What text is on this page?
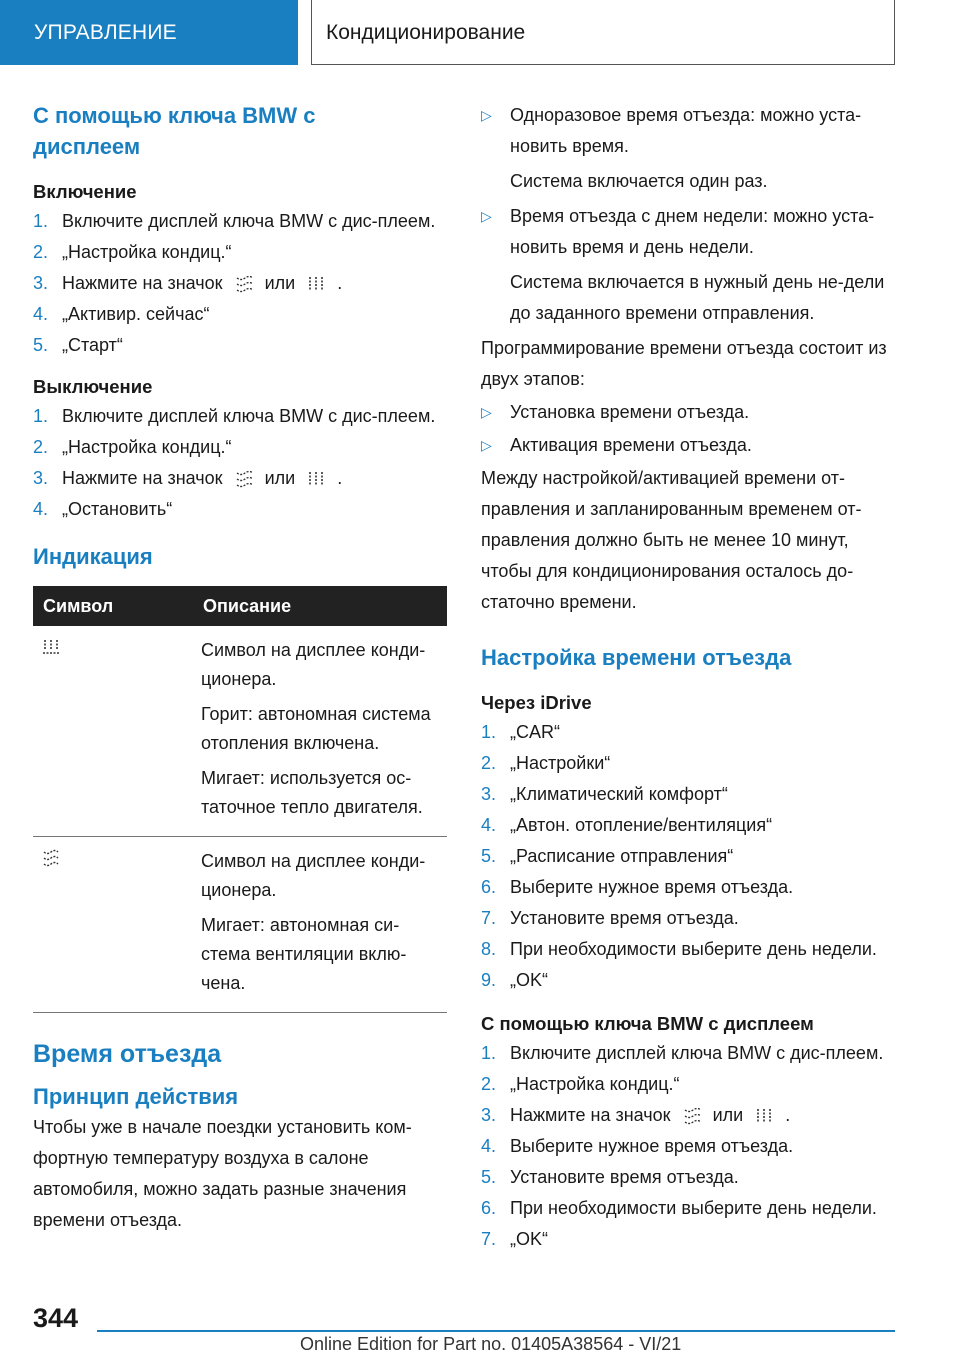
УПРАВЛЕНИЕ	Кондиционирование
С помощью ключа BMW с дисплеем
Включение
1. Включите дисплей ключа BMW с дис-плеем.
2. „Настройка кондиц.“
3. Нажмите на значок или .
4. „Активир. сейчас“
5. „Старт“
Выключение
1. Включите дисплей ключа BMW с дис-плеем.
2. „Настройка кондиц.“
3. Нажмите на значок или .
4. „Остановить“
Индикация
Символ	Описание

Символ на дисплее конди-ционера.
Горит: автономная система отопления включена.
Мигает: используется ос-таточное тепло двигателя.

Символ на дисплее конди-ционера.
Мигает: автономная си-стема вентиляции вклю-чена.
Время отъезда
Принцип действия
Чтобы уже в начале поездки установить ком-фортную температуру воздуха в салоне автомобиля, можно задать разные значения времени отъезда.
▷ Одноразовое время отъезда: можно уста-новить время.
Система включается один раз.
▷ Время отъезда с днем недели: можно уста-новить время и день недели.
Система включается в нужный день не-дели до заданного времени отправления.
Программирование времени отъезда состоит из двух этапов:
▷ Установка времени отъезда.
▷ Активация времени отъезда.
Между настройкой/активацией времени от-правления и запланированным временем от-правления должно быть не менее 10 минут, чтобы для кондиционирования осталось до-статочно времени.
Настройка времени отъезда
Через iDrive
1. „CAR“
2. „Настройки“
3. „Климатический комфорт“
4. „Автон. отопление/вентиляция“
5. „Расписание отправления“
6. Выберите нужное время отъезда.
7. Установите время отъезда.
8. При необходимости выберите день недели.
9. „OK“
С помощью ключа BMW с дисплеем
1. Включите дисплей ключа BMW с дис-плеем.
2. „Настройка кондиц.“
3. Нажмите на значок или .
4. Выберите нужное время отъезда.
5. Установите время отъезда.
6. При необходимости выберите день недели.
7. „OK“
344
Online Edition for Part no. 01405A38564 - VI/21
